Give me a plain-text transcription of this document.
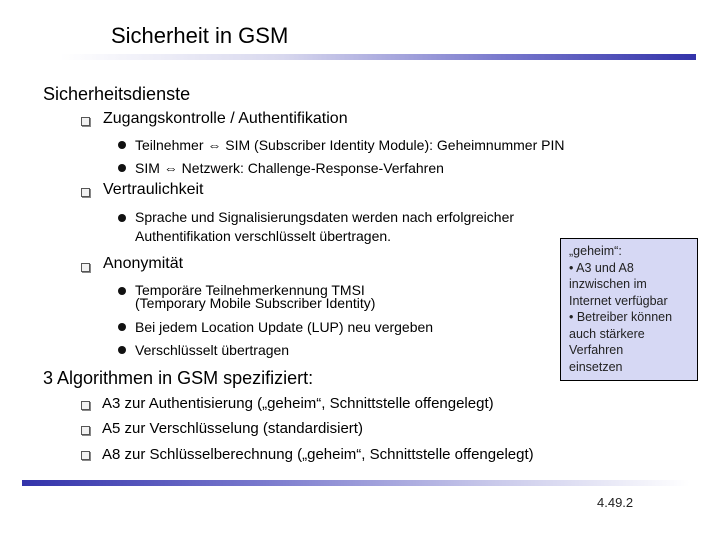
Sicherheit in GSM
Sicherheitsdienste
Zugangskontrolle / Authentifikation
Teilnehmer ⇔ SIM (Subscriber Identity Module): Geheimnummer PIN
SIM ⇔ Netzwerk: Challenge-Response-Verfahren
Vertraulichkeit
Sprache und Signalisierungsdaten werden nach erfolgreicher
Authentifikation verschlüsselt übertragen.
Anonymität
Temporäre Teilnehmerkennung TMSI
(Temporary Mobile Subscriber Identity)
Bei jedem Location Update (LUP) neu vergeben
Verschlüsselt übertragen
3 Algorithmen in GSM spezifiziert:
A3 zur Authentisierung („geheim“, Schnittstelle offengelegt)
A5 zur Verschlüsselung (standardisiert)
A8 zur Schlüsselberechnung („geheim“, Schnittstelle offengelegt)
„geheim“:
• A3 und A8
inzwischen im
Internet verfügbar
• Betreiber können
auch stärkere
Verfahren
einsetzen
4.49.2
